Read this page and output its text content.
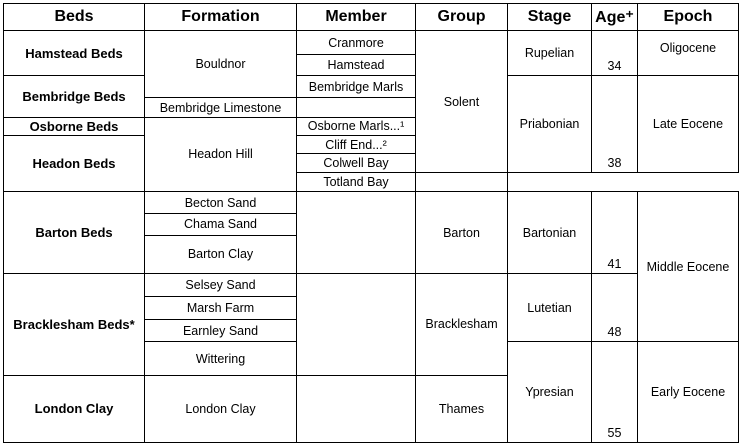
Beds	Formation	Member	Group	Stage	Age⁺	Epoch
Hamstead Beds	Bouldnor	Cranmore	Solent	Rupelian	34	Oligocene
		Hamstead				
Bembridge Beds		Bembridge Marls		Priabonian	38	Late Eocene
	Bembridge Limestone					
Osborne Beds	Headon Hill	Osborne Marls...¹				
Headon Beds		Cliff End...²				
		Colwell Bay				
		Totland Bay				
Barton Beds	Becton Sand		Barton	Bartonian	41	Middle Eocene
	Chama Sand					
	Barton Clay					
Bracklesham Beds*	Selsey Sand		Bracklesham	Lutetian	48	
	Marsh Farm					
	Earnley Sand					
	Wittering			Ypresian	55	Early Eocene
London Clay	London Clay		Thames			
